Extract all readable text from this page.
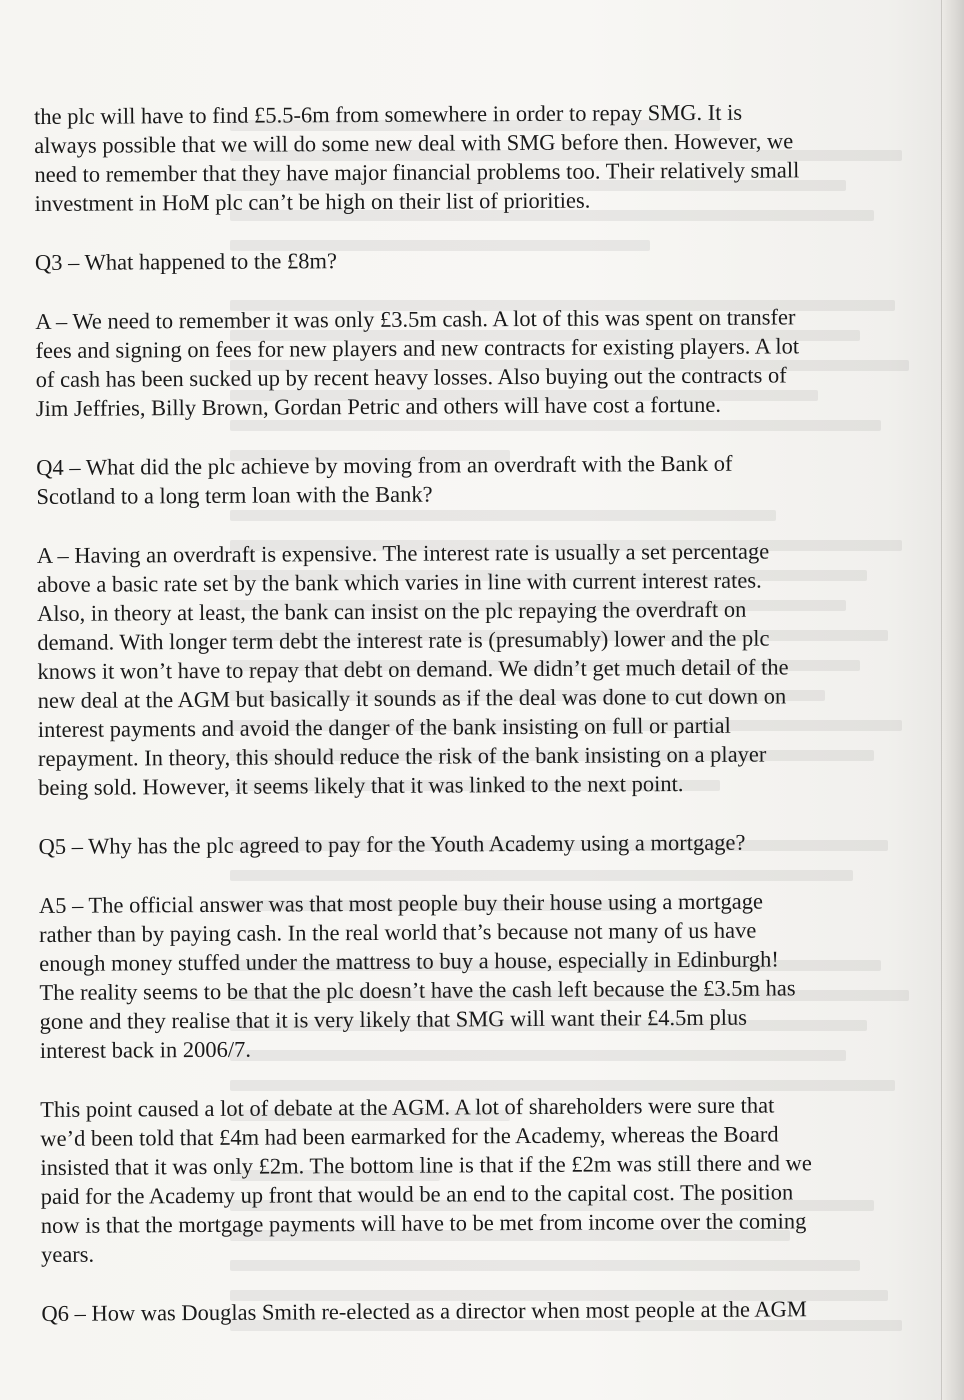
the plc will have to find £5.5-6m from somewhere in order to repay SMG. It is
always possible that we will do some new deal with SMG before then. However, we
need to remember that they have major financial problems too. Their relatively small
investment in HoM plc can’t be high on their list of priorities.

Q3 – What happened to the £8m?

A – We need to remember it was only £3.5m cash. A lot of this was spent on transfer
fees and signing on fees for new players and new contracts for existing players. A lot
of cash has been sucked up by recent heavy losses. Also buying out the contracts of
Jim Jeffries, Billy Brown, Gordan Petric and others will have cost a fortune.

Q4 – What did the plc achieve by moving from an overdraft with the Bank of
Scotland to a long term loan with the Bank?

A – Having an overdraft is expensive. The interest rate is usually a set percentage
above a basic rate set by the bank which varies in line with current interest rates.
Also, in theory at least, the bank can insist on the plc repaying the overdraft on
demand. With longer term debt the interest rate is (presumably) lower and the plc
knows it won’t have to repay that debt on demand. We didn’t get much detail of the
new deal at the AGM but basically it sounds as if the deal was done to cut down on
interest payments and avoid the danger of the bank insisting on full or partial
repayment. In theory, this should reduce the risk of the bank insisting on a player
being sold. However, it seems likely that it was linked to the next point.

Q5 – Why has the plc agreed to pay for the Youth Academy using a mortgage?

A5 – The official answer was that most people buy their house using a mortgage
rather than by paying cash. In the real world that’s because not many of us have
enough money stuffed under the mattress to buy a house, especially in Edinburgh!
The reality seems to be that the plc doesn’t have the cash left because the £3.5m has
gone and they realise that it is very likely that SMG will want their £4.5m plus
interest back in 2006/7.

This point caused a lot of debate at the AGM. A lot of shareholders were sure that
we’d been told that £4m had been earmarked for the Academy, whereas the Board
insisted that it was only £2m. The bottom line is that if the £2m was still there and we
paid for the Academy up front that would be an end to the capital cost. The position
now is that the mortgage payments will have to be met from income over the coming
years.

Q6 – How was Douglas Smith re-elected as a director when most people at the AGM
